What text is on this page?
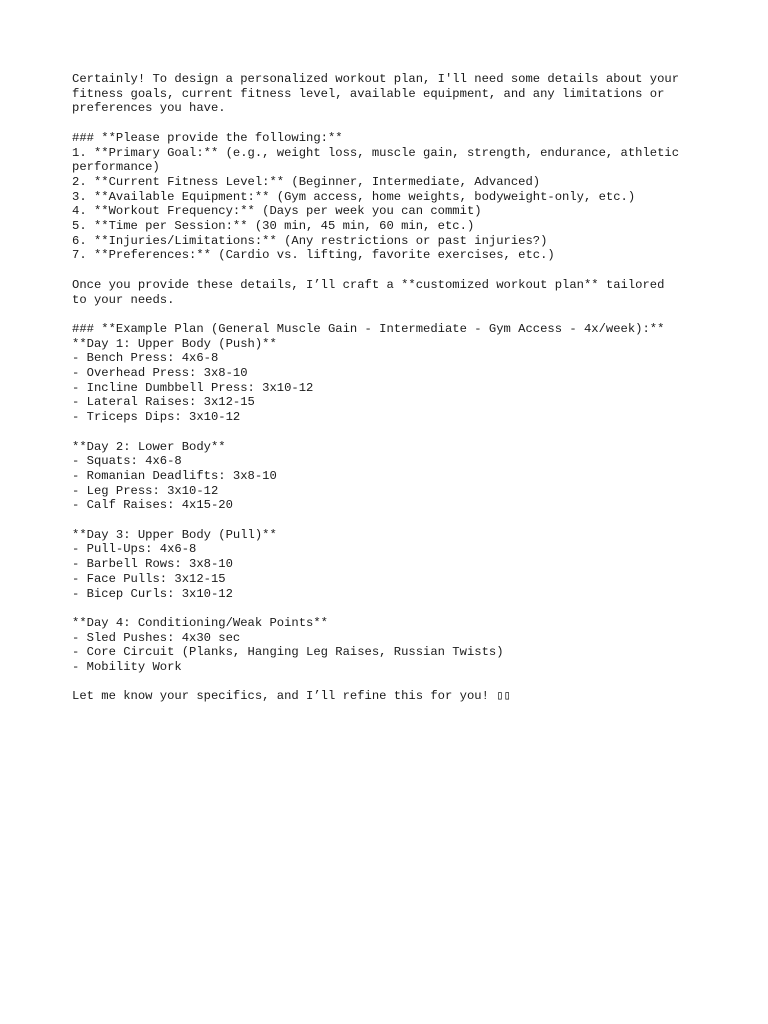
Certainly! To design a personalized workout plan, I'll need some details about your
fitness goals, current fitness level, available equipment, and any limitations or
preferences you have.
### **Please provide the following:**
1. **Primary Goal:** (e.g., weight loss, muscle gain, strength, endurance, athletic
performance)
2. **Current Fitness Level:** (Beginner, Intermediate, Advanced)
3. **Available Equipment:** (Gym access, home weights, bodyweight-only, etc.)
4. **Workout Frequency:** (Days per week you can commit)
5. **Time per Session:** (30 min, 45 min, 60 min, etc.)
6. **Injuries/Limitations:** (Any restrictions or past injuries?)
7. **Preferences:** (Cardio vs. lifting, favorite exercises, etc.)
Once you provide these details, I’ll craft a **customized workout plan** tailored
to your needs.
### **Example Plan (General Muscle Gain - Intermediate - Gym Access - 4x/week):**
**Day 1: Upper Body (Push)**
- Bench Press: 4x6-8
- Overhead Press: 3x8-10
- Incline Dumbbell Press: 3x10-12
- Lateral Raises: 3x12-15
- Triceps Dips: 3x10-12
**Day 2: Lower Body**
- Squats: 4x6-8
- Romanian Deadlifts: 3x8-10
- Leg Press: 3x10-12
- Calf Raises: 4x15-20
**Day 3: Upper Body (Pull)**
- Pull-Ups: 4x6-8
- Barbell Rows: 3x8-10
- Face Pulls: 3x12-15
- Bicep Curls: 3x10-12
**Day 4: Conditioning/Weak Points**
- Sled Pushes: 4x30 sec
- Core Circuit (Planks, Hanging Leg Raises, Russian Twists)
- Mobility Work
Let me know your specifics, and I’ll refine this for you! ▯▯
